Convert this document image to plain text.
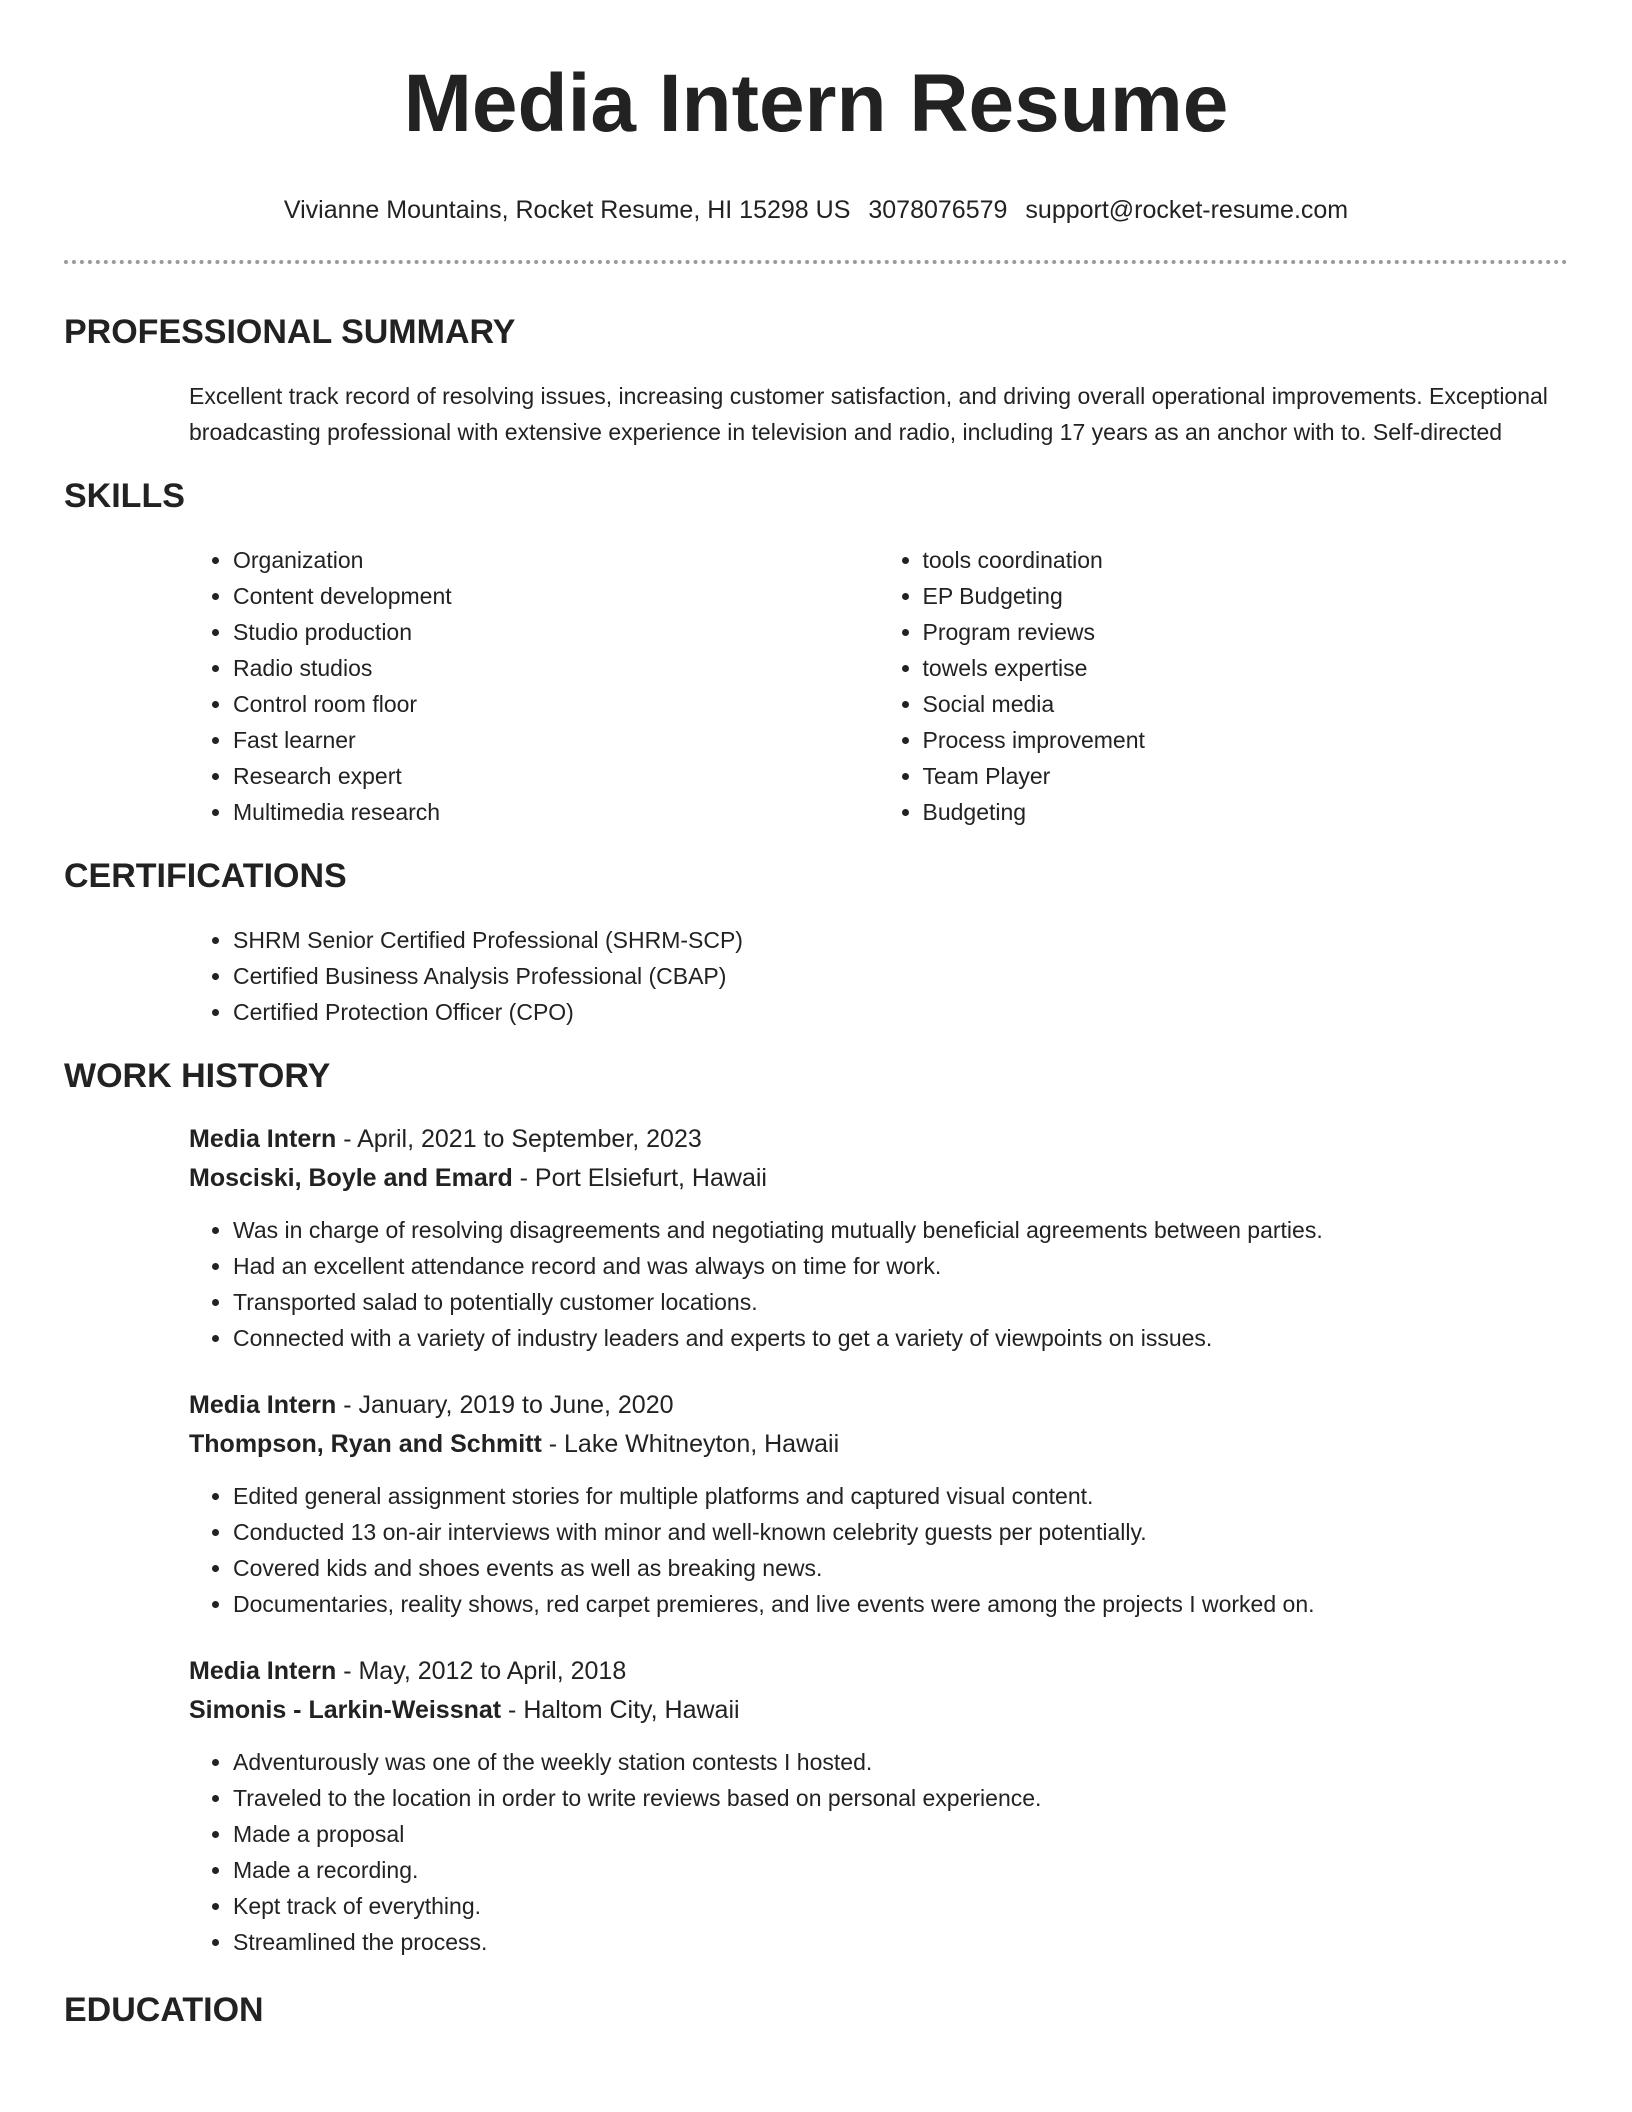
Media Intern Resume
Vivianne Mountains, Rocket Resume, HI 15298 US 3078076579 support@rocket-resume.com
PROFESSIONAL SUMMARY

Excellent track record of resolving issues, increasing customer satisfaction, and driving overall operational improvements. Exceptional broadcasting professional with extensive experience in television and radio, including 17 years as an anchor with to. Self-directed

SKILLS
• Organization
• Content development
• Studio production
• Radio studios
• Control room floor
• Fast learner
• Research expert
• Multimedia research
• tools coordination
• EP Budgeting
• Program reviews
• towels expertise
• Social media
• Process improvement
• Team Player
• Budgeting
CERTIFICATIONS
• SHRM Senior Certified Professional (SHRM-SCP)
• Certified Business Analysis Professional (CBAP)
• Certified Protection Officer (CPO)
WORK HISTORY
Media Intern - April, 2021 to September, 2023
Mosciski, Boyle and Emard - Port Elsiefurt, Hawaii
• Was in charge of resolving disagreements and negotiating mutually beneficial agreements between parties.
• Had an excellent attendance record and was always on time for work.
• Transported salad to potentially customer locations.
• Connected with a variety of industry leaders and experts to get a variety of viewpoints on issues.
Media Intern - January, 2019 to June, 2020
Thompson, Ryan and Schmitt - Lake Whitneyton, Hawaii
• Edited general assignment stories for multiple platforms and captured visual content.
• Conducted 13 on-air interviews with minor and well-known celebrity guests per potentially.
• Covered kids and shoes events as well as breaking news.
• Documentaries, reality shows, red carpet premieres, and live events were among the projects I worked on.
Media Intern - May, 2012 to April, 2018
Simonis - Larkin-Weissnat - Haltom City, Hawaii
• Adventurously was one of the weekly station contests I hosted.
• Traveled to the location in order to write reviews based on personal experience.
• Made a proposal
• Made a recording.
• Kept track of everything.
• Streamlined the process.
EDUCATION
